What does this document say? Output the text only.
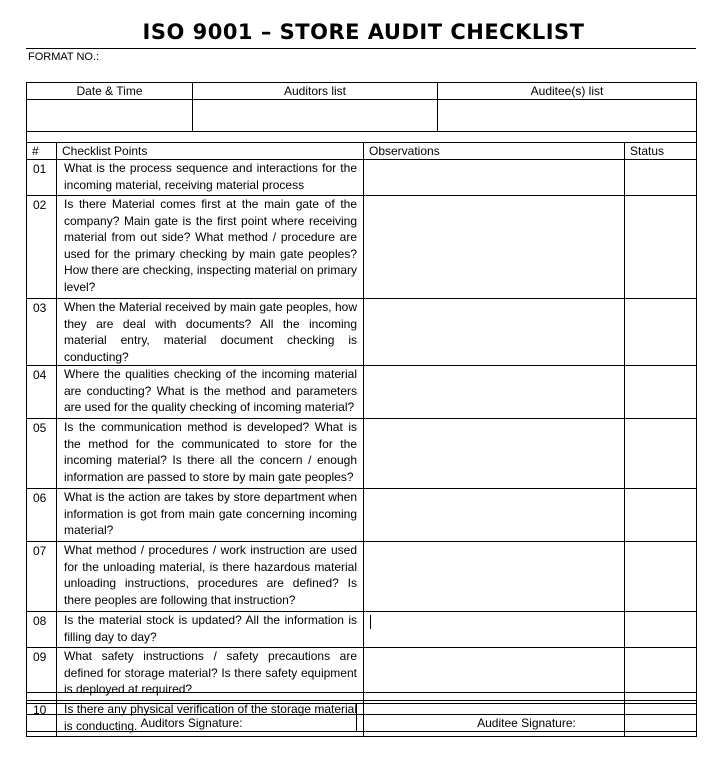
ISO 9001 – STORE AUDIT CHECKLIST
FORMAT NO.:
Date & Time	Auditors list	Auditee(s) list

#	Checklist Points	Observations	Status
01	What is the process sequence and interactions for the incoming material, receiving material process		
02	Is there Material comes first at the main gate of the company? Main gate is the first point where receiving material from out side? What method / procedure are used for the primary checking by main gate peoples? How there are checking, inspecting material on primary level?		
03	When the Material received by main gate peoples, how they are deal with documents? All the incoming material entry, material document checking is conducting?		
04	Where the qualities checking of the incoming material are conducting? What is the method and parameters are used for the quality checking of incoming material?		
05	Is the communication method is developed? What is the method for the communicated to store for the incoming material? Is there all the concern / enough information are passed to store by main gate peoples?		
06	What is the action are takes by store department when information is got from main gate concerning incoming material?		
07	What method / procedures / work instruction are used for the unloading material, is there hazardous material unloading instructions, procedures are defined? Is there peoples are following that instruction?		
08	Is the material stock is updated? All the information is filling day to day?		
09	What safety instructions / safety precautions are defined for storage material? Is there safety equipment is deployed at required?		
10	Is there any physical verification of the storage material is conducting.		

	Auditors Signature:	Auditee Signature:
